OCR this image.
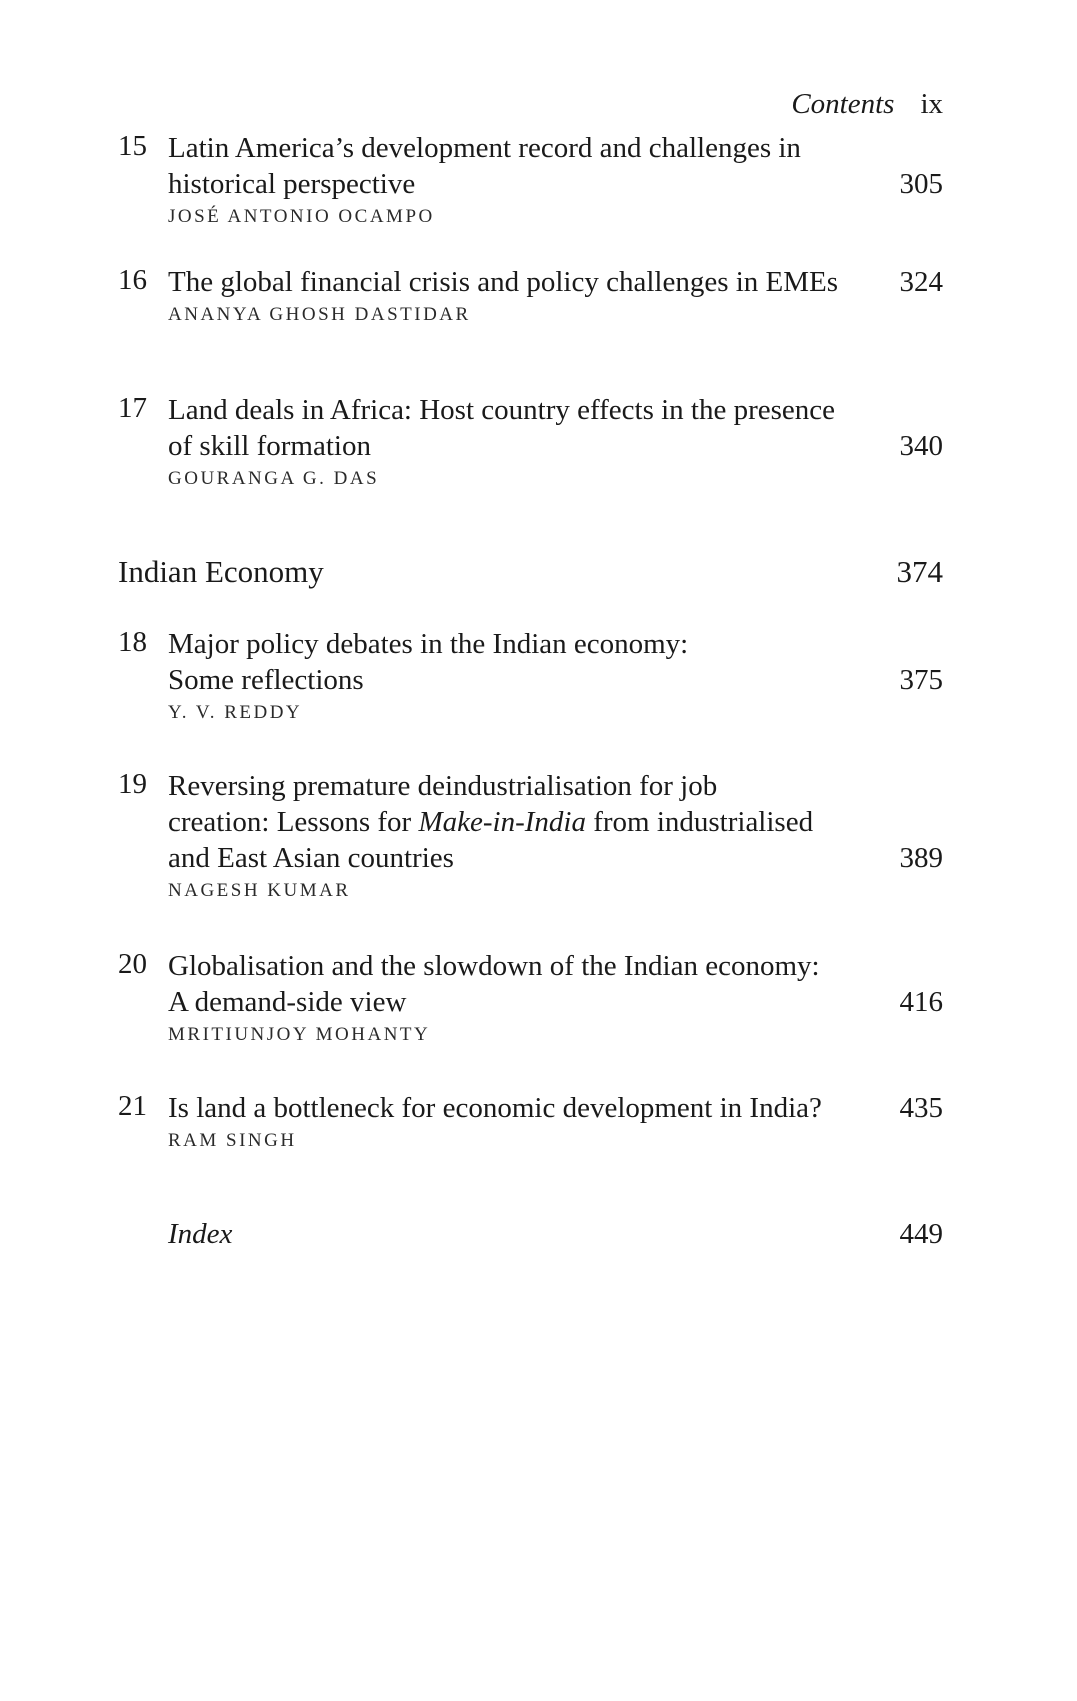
Contents ix
15 Latin America’s development record and challenges in
historical perspective
JOSÉ ANTONIO OCAMPO
305
16 The global financial crisis and policy challenges in EMEs
ANANYA GHOSH DASTIDAR
324
17 Land deals in Africa: Host country effects in the presence
of skill formation
GOURANGA G. DAS
340
Indian Economy	374
18 Major policy debates in the Indian economy:
Some reflections
Y. V. REDDY
375
19 Reversing premature deindustrialisation for job
creation: Lessons for Make-in-India from industrialised
and East Asian countries
NAGESH KUMAR
389
20 Globalisation and the slowdown of the Indian economy:
A demand-side view
MRITIUNJOY MOHANTY
416
21 Is land a bottleneck for economic development in India?
RAM SINGH
435
Index	449
